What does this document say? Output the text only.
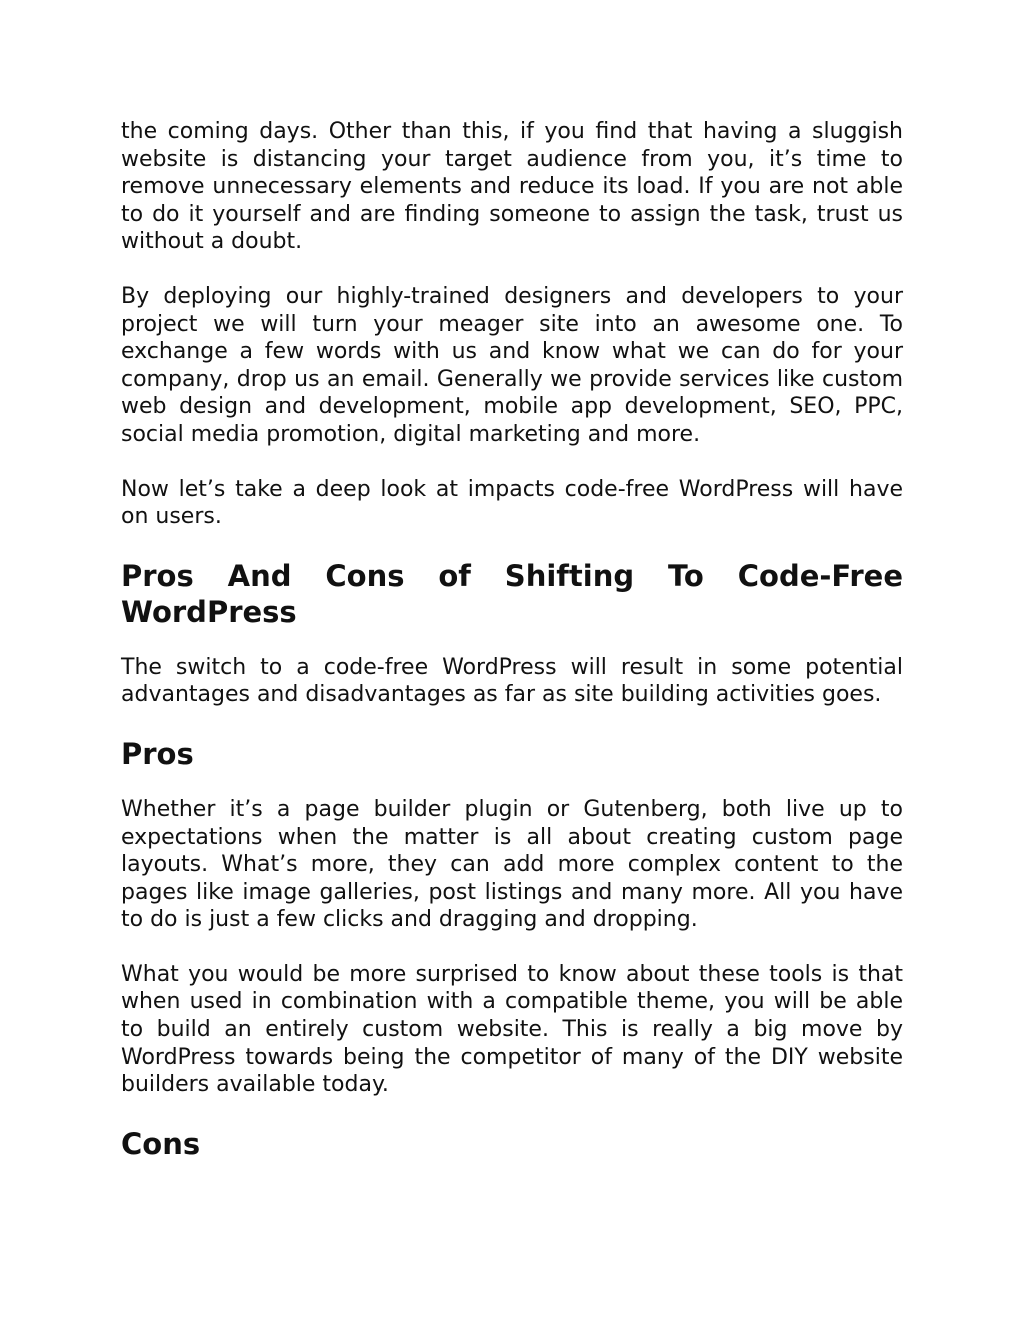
the coming days. Other than this, if you find that having a sluggish website is distancing your target audience from you, it’s time to remove unnecessary elements and reduce its load. If you are not able to do it yourself and are finding someone to assign the task, trust us without a doubt.

By deploying our highly-trained designers and developers to your project we will turn your meager site into an awesome one. To exchange a few words with us and know what we can do for your company, drop us an email. Generally we provide services like custom web design and development, mobile app development, SEO, PPC, social media promotion, digital marketing and more.

Now let’s take a deep look at impacts code-free WordPress will have on users.

Pros And Cons of Shifting To Code-Free WordPress

The switch to a code-free WordPress will result in some potential advantages and disadvantages as far as site building activities goes.

Pros

Whether it’s a page builder plugin or Gutenberg, both live up to expectations when the matter is all about creating custom page layouts. What’s more, they can add more complex content to the pages like image galleries, post listings and many more. All you have to do is just a few clicks and dragging and dropping.

What you would be more surprised to know about these tools is that when used in combination with a compatible theme, you will be able to build an entirely custom website. This is really a big move by WordPress towards being the competitor of many of the DIY website builders available today.

Cons
